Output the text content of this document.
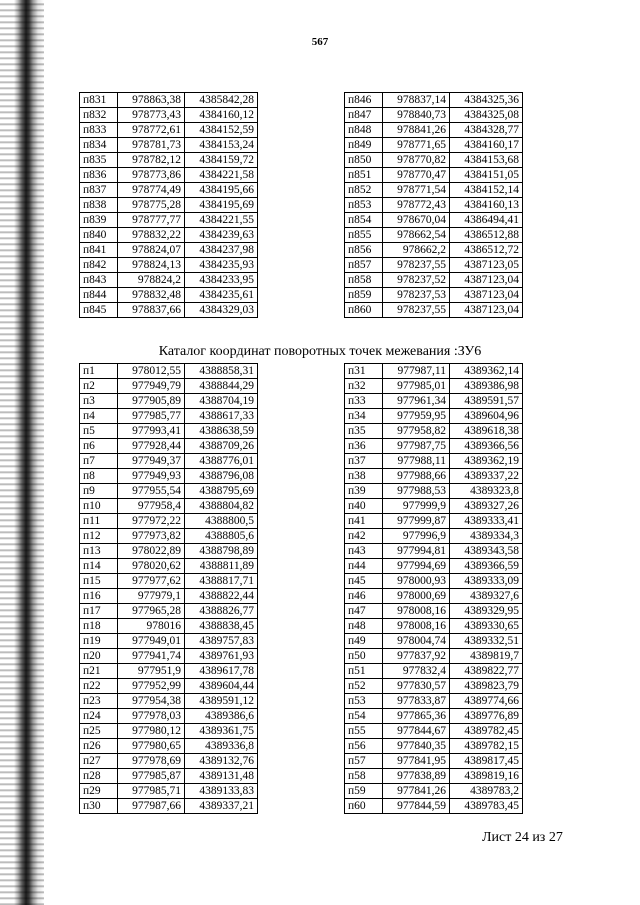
567
п831	978863,38	4385842,28
п832	978773,43	4384160,12
п833	978772,61	4384152,59
п834	978781,73	4384153,24
п835	978782,12	4384159,72
п836	978773,86	4384221,58
п837	978774,49	4384195,66
п838	978775,28	4384195,69
п839	978777,77	4384221,55
п840	978832,22	4384239,63
п841	978824,07	4384237,98
п842	978824,13	4384235,93
п843	978824,2	4384233,95
п844	978832,48	4384235,61
п845	978837,66	4384329,03
п846	978837,14	4384325,36
п847	978840,73	4384325,08
п848	978841,26	4384328,77
п849	978771,65	4384160,17
п850	978770,82	4384153,68
п851	978770,47	4384151,05
п852	978771,54	4384152,14
п853	978772,43	4384160,13
п854	978670,04	4386494,41
п855	978662,54	4386512,88
п856	978662,2	4386512,72
п857	978237,55	4387123,05
п858	978237,52	4387123,04
п859	978237,53	4387123,04
п860	978237,55	4387123,04
Каталог координат поворотных точек межевания :ЗУ6
п1	978012,55	4388858,31
п2	977949,79	4388844,29
п3	977905,89	4388704,19
п4	977985,77	4388617,33
п5	977993,41	4388638,59
п6	977928,44	4388709,26
п7	977949,37	4388776,01
п8	977949,93	4388796,08
п9	977955,54	4388795,69
п10	977958,4	4388804,82
п11	977972,22	4388800,5
п12	977973,82	4388805,6
п13	978022,89	4388798,89
п14	978020,62	4388811,89
п15	977977,62	4388817,71
п16	977979,1	4388822,44
п17	977965,28	4388826,77
п18	978016	4388838,45
п19	977949,01	4389757,83
п20	977941,74	4389761,93
п21	977951,9	4389617,78
п22	977952,99	4389604,44
п23	977954,38	4389591,12
п24	977978,03	4389386,6
п25	977980,12	4389361,75
п26	977980,65	4389336,8
п27	977978,69	4389132,76
п28	977985,87	4389131,48
п29	977985,71	4389133,83
п30	977987,66	4389337,21
п31	977987,11	4389362,14
п32	977985,01	4389386,98
п33	977961,34	4389591,57
п34	977959,95	4389604,96
п35	977958,82	4389618,38
п36	977987,75	4389366,56
п37	977988,11	4389362,19
п38	977988,66	4389337,22
п39	977988,53	4389323,8
п40	977999,9	4389327,26
п41	977999,87	4389333,41
п42	977996,9	4389334,3
п43	977994,81	4389343,58
п44	977994,69	4389366,59
п45	978000,93	4389333,09
п46	978000,69	4389327,6
п47	978008,16	4389329,95
п48	978008,16	4389330,65
п49	978004,74	4389332,51
п50	977837,92	4389819,7
п51	977832,4	4389822,77
п52	977830,57	4389823,79
п53	977833,87	4389774,66
п54	977865,36	4389776,89
п55	977844,67	4389782,45
п56	977840,35	4389782,15
п57	977841,95	4389817,45
п58	977838,89	4389819,16
п59	977841,26	4389783,2
п60	977844,59	4389783,45
Лист 24 из 27
